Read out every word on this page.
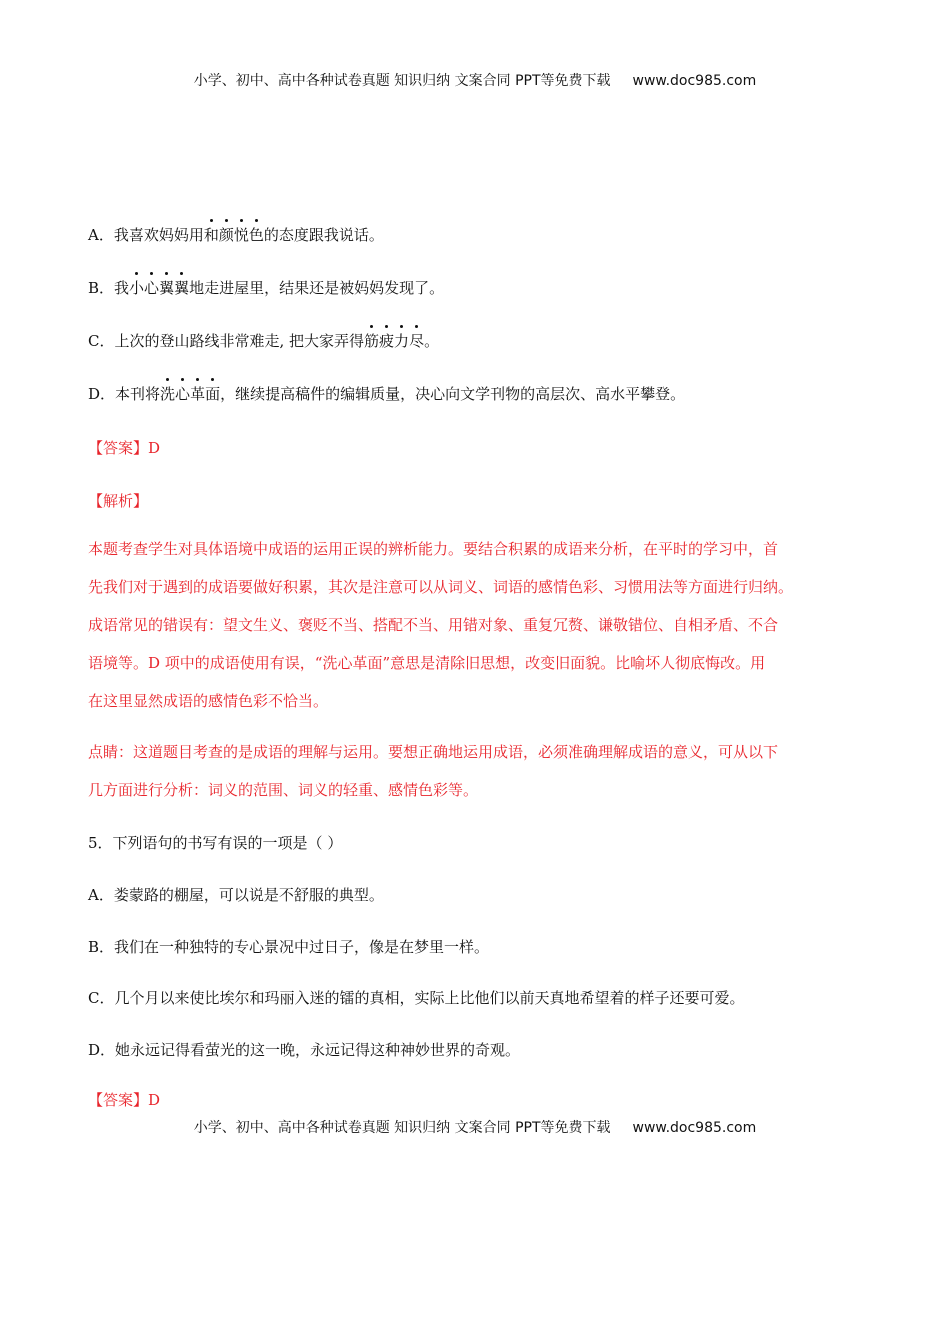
小学、初中、高中各种试卷真题 知识归纳 文案合同 PPT等免费下载 www.doc985.com
A．我喜欢妈妈用和颜悦色的态度跟我说话。
B．我小心翼翼地走进屋里，结果还是被妈妈发现了。
C．上次的登山路线非常难走, 把大家弄得筋疲力尽。
D．本刊将洗心革面，继续提高稿件的编辑质量，决心向文学刊物的高层次、高水平攀登。
【答案】D
【解析】
本题考查学生对具体语境中成语的运用正误的辨析能力。要结合积累的成语来分析，在平时的学习中，首
先我们对于遇到的成语要做好积累，其次是注意可以从词义、词语的感情色彩、习惯用法等方面进行归纳。
成语常见的错误有：望文生义、褒贬不当、搭配不当、用错对象、重复冗赘、谦敬错位、自相矛盾、不合
语境等。D 项中的成语使用有误，“洗心革面”意思是清除旧思想，改变旧面貌。比喻坏人彻底悔改。用
在这里显然成语的感情色彩不恰当。
点睛：这道题目考查的是成语的理解与运用。要想正确地运用成语，必须准确理解成语的意义，可从以下
几方面进行分析：词义的范围、词义的轻重、感情色彩等。
5．下列语句的书写有误的一项是（ ）
A．娄蒙路的棚屋，可以说是不舒服的典型。
B．我们在一种独特的专心景况中过日子，像是在梦里一样。
C．几个月以来使比埃尔和玛丽入迷的镭的真相，实际上比他们以前天真地希望着的样子还要可爱。
D．她永远记得看萤光的这一晚，永远记得这种神妙世界的奇观。
【答案】D
小学、初中、高中各种试卷真题 知识归纳 文案合同 PPT等免费下载 www.doc985.com
